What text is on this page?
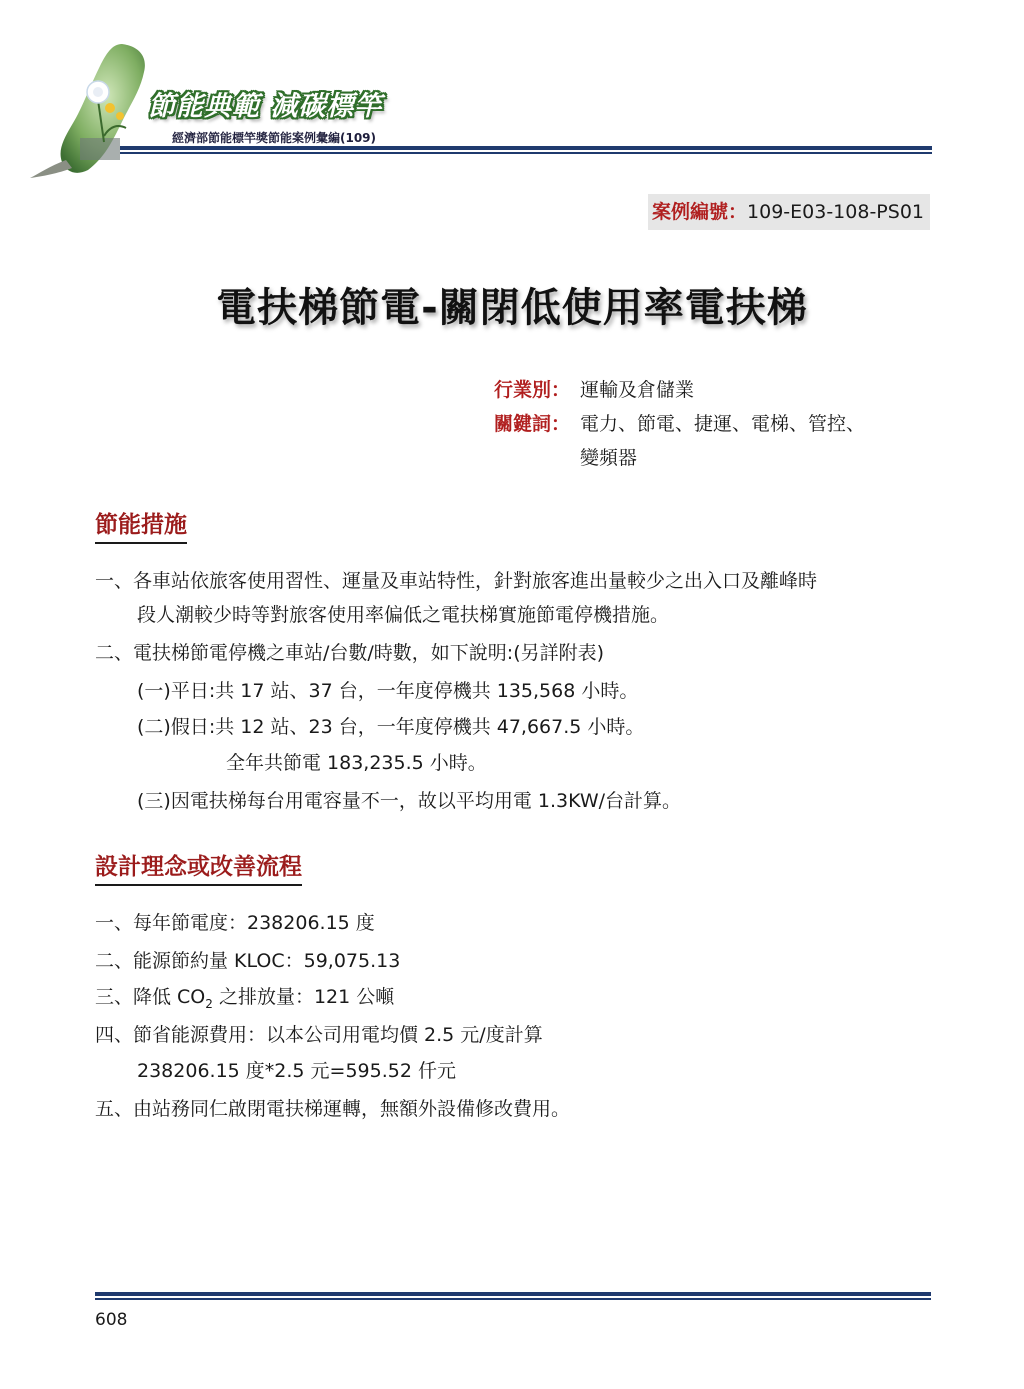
節能典範 減碳標竿
經濟部節能標竿獎節能案例彙編(109)
案例編號：109-E03-108-PS01
電扶梯節電-關閉低使用率電扶梯
行業別： 運輸及倉儲業
關鍵詞： 電力、節電、捷運、電梯、管控、
變頻器
節能措施
一、各車站依旅客使用習性、運量及車站特性，針對旅客進出量較少之出入口及離峰時
段人潮較少時等對旅客使用率偏低之電扶梯實施節電停機措施。
二、電扶梯節電停機之車站/台數/時數，如下說明:(另詳附表)
(一)平日:共 17 站、37 台，一年度停機共 135,568 小時。
(二)假日:共 12 站、23 台，一年度停機共 47,667.5 小時。
全年共節電 183,235.5 小時。
(三)因電扶梯每台用電容量不一，故以平均用電 1.3KW/台計算。
設計理念或改善流程
一、每年節電度：238206.15 度
二、能源節約量 KLOC：59,075.13
三、降低 $CO_2$ 之排放量：121 公噸
四、節省能源費用：以本公司用電均價 2.5 元/度計算
238206.15 度*2.5 元=595.52 仟元
五、由站務同仁啟閉電扶梯運轉，無額外設備修改費用。
608
